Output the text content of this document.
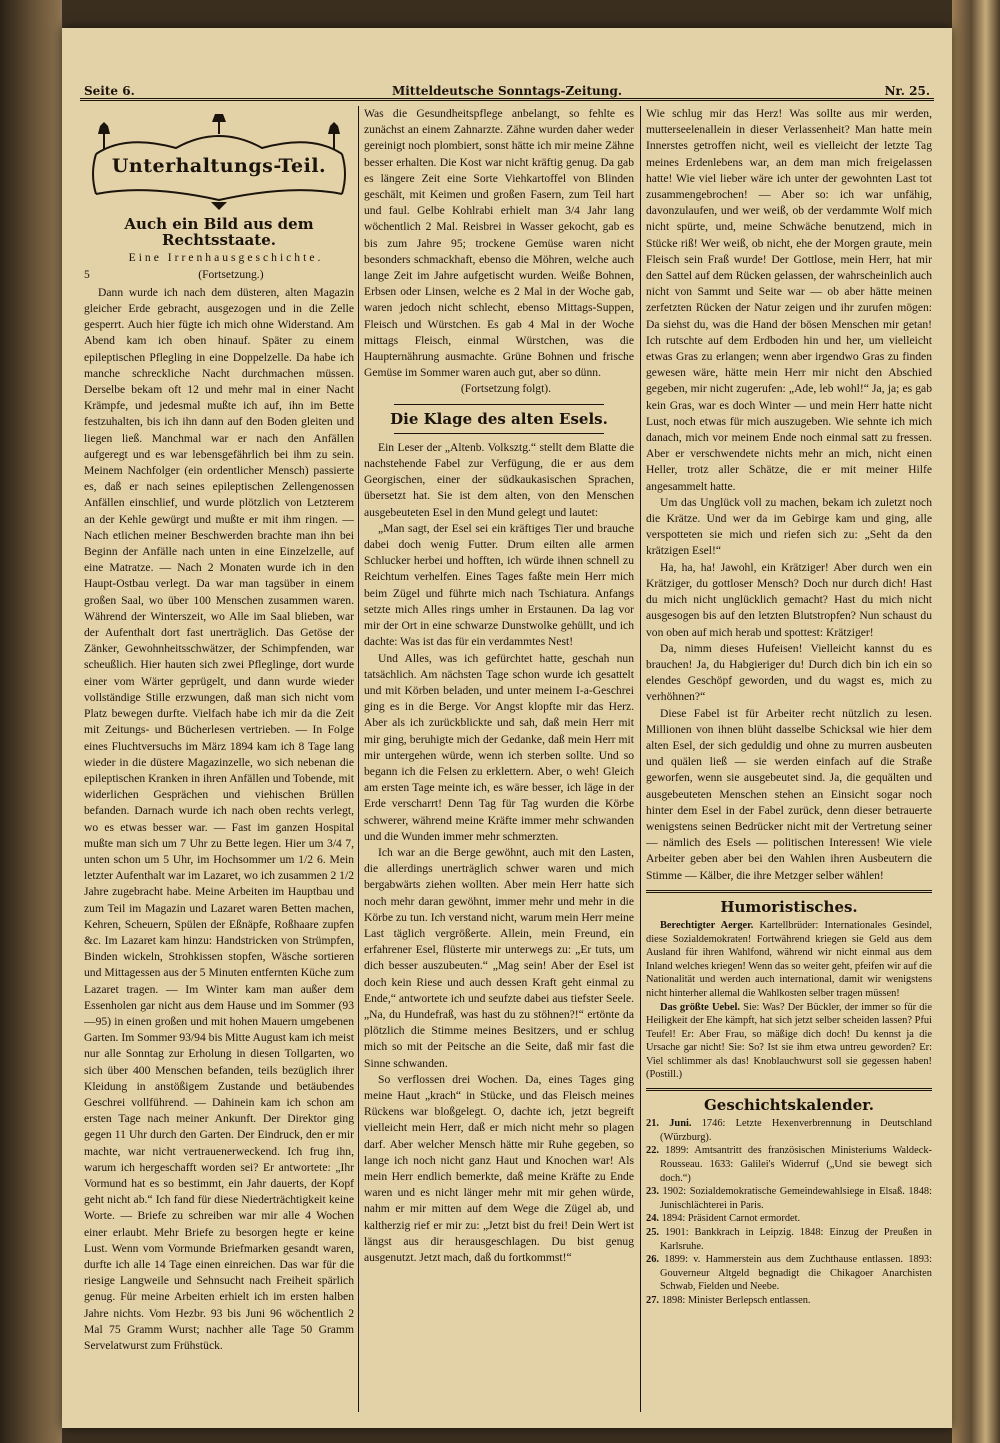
Seite 6.	Mitteldeutsche Sonntags-Zeitung.	Nr. 25.
Unterhaltungs-Teil.
Auch ein Bild aus dem Rechtsstaate.

Eine Irrenhausgeschichte.

5	(Fortsetzung.)

Dann wurde ich nach dem düsteren, alten Magazin gleicher Erde gebracht, ausgezogen und in die Zelle gesperrt. Auch hier fügte ich mich ohne Widerstand. Am Abend kam ich oben hinauf. Später zu einem epileptischen Pflegling in eine Doppelzelle. Da habe ich manche schreckliche Nacht durchmachen müssen. Derselbe bekam oft 12 und mehr mal in einer Nacht Krämpfe, und jedesmal mußte ich auf, ihn im Bette festzuhalten, bis ich ihn dann auf den Boden gleiten und liegen ließ. Manchmal war er nach den Anfällen aufgeregt und es war lebensgefährlich bei ihm zu sein. Meinem Nachfolger (ein ordentlicher Mensch) passierte es, daß er nach seines epileptischen Zellengenossen Anfällen einschlief, und wurde plötzlich von Letzterem an der Kehle gewürgt und mußte er mit ihm ringen. — Nach etlichen meiner Beschwerden brachte man ihn bei Beginn der Anfälle nach unten in eine Einzelzelle, auf eine Matratze. — Nach 2 Monaten wurde ich in den Haupt-Ostbau verlegt. Da war man tagsüber in einem großen Saal, wo über 100 Menschen zusammen waren. Während der Winterszeit, wo Alle im Saal blieben, war der Aufenthalt dort fast unerträglich. Das Getöse der Zänker, Gewohnheitsschwätzer, der Schimpfenden, war scheußlich. Hier hauten sich zwei Pfleglinge, dort wurde einer vom Wärter geprügelt, und dann wurde wieder vollständige Stille erzwungen, daß man sich nicht vom Platz bewegen durfte. Vielfach habe ich mir da die Zeit mit Zeitungs- und Bücherlesen vertrieben. — In Folge eines Fluchtversuchs im März 1894 kam ich 8 Tage lang wieder in die düstere Magazinzelle, wo sich nebenan die epileptischen Kranken in ihren Anfällen und Tobende, mit widerlichen Gesprächen und viehischen Brüllen befanden. Darnach wurde ich nach oben rechts verlegt, wo es etwas besser war. — Fast im ganzen Hospital mußte man sich um 7 Uhr zu Bette legen. Hier um 3/4 7, unten schon um 5 Uhr, im Hochsommer um 1/2 6. Mein letzter Aufenthalt war im Lazaret, wo ich zusammen 2 1/2 Jahre zugebracht habe. Meine Arbeiten im Hauptbau und zum Teil im Magazin und Lazaret waren Betten machen, Kehren, Scheuern, Spülen der Eßnäpfe, Roßhaare zupfen &c. Im Lazaret kam hinzu: Handstricken von Strümpfen, Binden wickeln, Strohkissen stopfen, Wäsche sortieren und Mittagessen aus der 5 Minuten entfernten Küche zum Lazaret tragen. — Im Winter kam man außer dem Essenholen gar nicht aus dem Hause und im Sommer (93—95) in einen großen und mit hohen Mauern umgebenen Garten. Im Sommer 93/94 bis Mitte August kam ich meist nur alle Sonntag zur Erholung in diesen Tollgarten, wo sich über 400 Menschen befanden, teils bezüglich ihrer Kleidung in anstößigem Zustande und betäubendes Geschrei vollführend. — Dahinein kam ich schon am ersten Tage nach meiner Ankunft. Der Direktor ging gegen 11 Uhr durch den Garten. Der Eindruck, den er mir machte, war nicht vertrauenerweckend. Ich frug ihn, warum ich hergeschafft worden sei? Er antwortete: „Ihr Vormund hat es so bestimmt, ein Jahr dauerts, der Kopf geht nicht ab.“ Ich fand für diese Niederträchtigkeit keine Worte. — Briefe zu schreiben war mir alle 4 Wochen einer erlaubt. Mehr Briefe zu besorgen hegte er keine Lust. Wenn vom Vormunde Briefmarken gesandt waren, durfte ich alle 14 Tage einen einreichen. Das war für die riesige Langweile und Sehnsucht nach Freiheit spärlich genug. Für meine Arbeiten erhielt ich im ersten halben Jahre nichts. Vom Hezbr. 93 bis Juni 96 wöchentlich 2 Mal 75 Gramm Wurst; nachher alle Tage 50 Gramm Servelatwurst zum Frühstück.

Was die Gesundheitspflege anbelangt, so fehlte es zunächst an einem Zahnarzte. Zähne wurden daher weder gereinigt noch plombiert, sonst hätte ich mir meine Zähne besser erhalten. Die Kost war nicht kräftig genug. Da gab es längere Zeit eine Sorte Viehkartoffel von Blinden geschält, mit Keimen und großen Fasern, zum Teil hart und faul. Gelbe Kohlrabi erhielt man 3/4 Jahr lang wöchentlich 2 Mal. Reisbrei in Wasser gekocht, gab es bis zum Jahre 95; trockene Gemüse waren nicht besonders schmackhaft, ebenso die Möhren, welche auch lange Zeit im Jahre aufgetischt wurden. Weiße Bohnen, Erbsen oder Linsen, welche es 2 Mal in der Woche gab, waren jedoch nicht schlecht, ebenso Mittags-Suppen, Fleisch und Würstchen. Es gab 4 Mal in der Woche mittags Fleisch, einmal Würstchen, was die Haupternährung ausmachte. Grüne Bohnen und frische Gemüse im Sommer waren auch gut, aber so dünn.

(Fortsetzung folgt).

Die Klage des alten Esels.

Ein Leser der „Altenb. Volksztg.“ stellt dem Blatte die nachstehende Fabel zur Verfügung, die er aus dem Georgischen, einer der südkaukasischen Sprachen, übersetzt hat. Sie ist dem alten, von den Menschen ausgebeuteten Esel in den Mund gelegt und lautet:

„Man sagt, der Esel sei ein kräftiges Tier und brauche dabei doch wenig Futter. Drum eilten alle armen Schlucker herbei und hofften, ich würde ihnen schnell zu Reichtum verhelfen. Eines Tages faßte mein Herr mich beim Zügel und führte mich nach Tschiatura. Anfangs setzte mich Alles rings umher in Erstaunen. Da lag vor mir der Ort in eine schwarze Dunstwolke gehüllt, und ich dachte: Was ist das für ein verdammtes Nest!

Und Alles, was ich gefürchtet hatte, geschah nun tatsächlich. Am nächsten Tage schon wurde ich gesattelt und mit Körben beladen, und unter meinem I-a-Geschrei ging es in die Berge. Vor Angst klopfte mir das Herz. Aber als ich zurückblickte und sah, daß mein Herr mit mir ging, beruhigte mich der Gedanke, daß mein Herr mit mir untergehen würde, wenn ich sterben sollte. Und so begann ich die Felsen zu erklettern. Aber, o weh! Gleich am ersten Tage meinte ich, es wäre besser, ich läge in der Erde verscharrt! Denn Tag für Tag wurden die Körbe schwerer, während meine Kräfte immer mehr schwanden und die Wunden immer mehr schmerzten.

Ich war an die Berge gewöhnt, auch mit den Lasten, die allerdings unerträglich schwer waren und mich bergabwärts ziehen wollten. Aber mein Herr hatte sich noch mehr daran gewöhnt, immer mehr und mehr in die Körbe zu tun. Ich verstand nicht, warum mein Herr meine Last täglich vergrößerte. Allein, mein Freund, ein erfahrener Esel, flüsterte mir unterwegs zu: „Er tuts, um dich besser auszubeuten.“ „Mag sein! Aber der Esel ist doch kein Riese und auch dessen Kraft geht einmal zu Ende,“ antwortete ich und seufzte dabei aus tiefster Seele. „Na, du Hundefraß, was hast du zu stöhnen?!“ ertönte da plötzlich die Stimme meines Besitzers, und er schlug mich so mit der Peitsche an die Seite, daß mir fast die Sinne schwanden.

So verflossen drei Wochen. Da, eines Tages ging meine Haut „krach“ in Stücke, und das Fleisch meines Rückens war bloßgelegt. O, dachte ich, jetzt begreift vielleicht mein Herr, daß er mich nicht mehr so plagen darf. Aber welcher Mensch hätte mir Ruhe gegeben, so lange ich noch nicht ganz Haut und Knochen war! Als mein Herr endlich bemerkte, daß meine Kräfte zu Ende waren und es nicht länger mehr mit mir gehen würde, nahm er mir mitten auf dem Wege die Zügel ab, und kaltherzig rief er mir zu: „Jetzt bist du frei! Dein Wert ist längst aus dir herausgeschlagen. Du bist genug ausgenutzt. Jetzt mach, daß du fortkommst!“

Wie schlug mir das Herz! Was sollte aus mir werden, mutterseelenallein in dieser Verlassenheit? Man hatte mein Innerstes getroffen nicht, weil es vielleicht der letzte Tag meines Erdenlebens war, an dem man mich freigelassen hatte! Wie viel lieber wäre ich unter der gewohnten Last tot zusammengebrochen! — Aber so: ich war unfähig, davonzulaufen, und wer weiß, ob der verdammte Wolf mich nicht spürte, und, meine Schwäche benutzend, mich in Stücke riß! Wer weiß, ob nicht, ehe der Morgen graute, mein Fleisch sein Fraß wurde! Der Gottlose, mein Herr, hat mir den Sattel auf dem Rücken gelassen, der wahrscheinlich auch nicht von Sammt und Seite war — ob aber hätte meinen zerfetzten Rücken der Natur zeigen und ihr zurufen mögen: Da siehst du, was die Hand der bösen Menschen mir getan! Ich rutschte auf dem Erdboden hin und her, um vielleicht etwas Gras zu erlangen; wenn aber irgendwo Gras zu finden gewesen wäre, hätte mein Herr mir nicht den Abschied gegeben, mir nicht zugerufen: „Ade, leb wohl!“ Ja, ja; es gab kein Gras, war es doch Winter — und mein Herr hatte nicht Lust, noch etwas für mich auszugeben. Wie sehnte ich mich danach, mich vor meinem Ende noch einmal satt zu fressen. Aber er verschwendete nichts mehr an mich, nicht einen Heller, trotz aller Schätze, die er mit meiner Hilfe angesammelt hatte.

Um das Unglück voll zu machen, bekam ich zuletzt noch die Krätze. Und wer da im Gebirge kam und ging, alle verspotteten sie mich und riefen sich zu: „Seht da den krätzigen Esel!“

Ha, ha, ha! Jawohl, ein Krätziger! Aber durch wen ein Krätziger, du gottloser Mensch? Doch nur durch dich! Hast du mich nicht unglücklich gemacht? Hast du mich nicht ausgesogen bis auf den letzten Blutstropfen? Nun schaust du von oben auf mich herab und spottest: Krätziger!

Da, nimm dieses Hufeisen! Vielleicht kannst du es brauchen! Ja, du Habgieriger du! Durch dich bin ich ein so elendes Geschöpf geworden, und du wagst es, mich zu verhöhnen?“

Diese Fabel ist für Arbeiter recht nützlich zu lesen. Millionen von ihnen blüht dasselbe Schicksal wie hier dem alten Esel, der sich geduldig und ohne zu murren ausbeuten und quälen ließ — sie werden einfach auf die Straße geworfen, wenn sie ausgebeutet sind. Ja, die gequälten und ausgebeuteten Menschen stehen an Einsicht sogar noch hinter dem Esel in der Fabel zurück, denn dieser betrauerte wenigstens seinen Bedrücker nicht mit der Vertretung seiner — nämlich des Esels — politischen Interessen! Wie viele Arbeiter geben aber bei den Wahlen ihren Ausbeutern die Stimme — Kälber, die ihre Metzger selber wählen!

Humoristisches.

Berechtigter Aerger. Kartellbrüder: Internationales Gesindel, diese Sozialdemokraten! Fortwährend kriegen sie Geld aus dem Ausland für ihren Wahlfond, während wir nicht einmal aus dem Inland welches kriegen! Wenn das so weiter geht, pfeifen wir auf die Nationalität und werden auch international, damit wir wenigstens nicht hinterher allemal die Wahlkosten selber tragen müssen!

Das größte Uebel. Sie: Was? Der Bückler, der immer so für die Heiligkeit der Ehe kämpft, hat sich jetzt selber scheiden lassen? Pfui Teufel! Er: Aber Frau, so mäßige dich doch! Du kennst ja die Ursache gar nicht! Sie: So? Ist sie ihm etwa untreu geworden? Er: Viel schlimmer als das! Knoblauchwurst soll sie gegessen haben! (Postill.)

Geschichtskalender.

21. Juni. 1746: Letzte Hexenverbrennung in Deutschland (Würzburg).

22. 1899: Amtsantritt des französischen Ministeriums Waldeck-Rousseau. 1633: Galilei's Widerruf („Und sie bewegt sich doch.“)

23. 1902: Sozialdemokratische Gemeindewahlsiege in Elsaß. 1848: Junischlächterei in Paris.

24. 1894: Präsident Carnot ermordet.

25. 1901: Bankkrach in Leipzig. 1848: Einzug der Preußen in Karlsruhe.

26. 1899: v. Hammerstein aus dem Zuchthause entlassen. 1893: Gouverneur Altgeld begnadigt die Chikagoer Anarchisten Schwab, Fielden und Neebe.

27. 1898: Minister Berlepsch entlassen.
